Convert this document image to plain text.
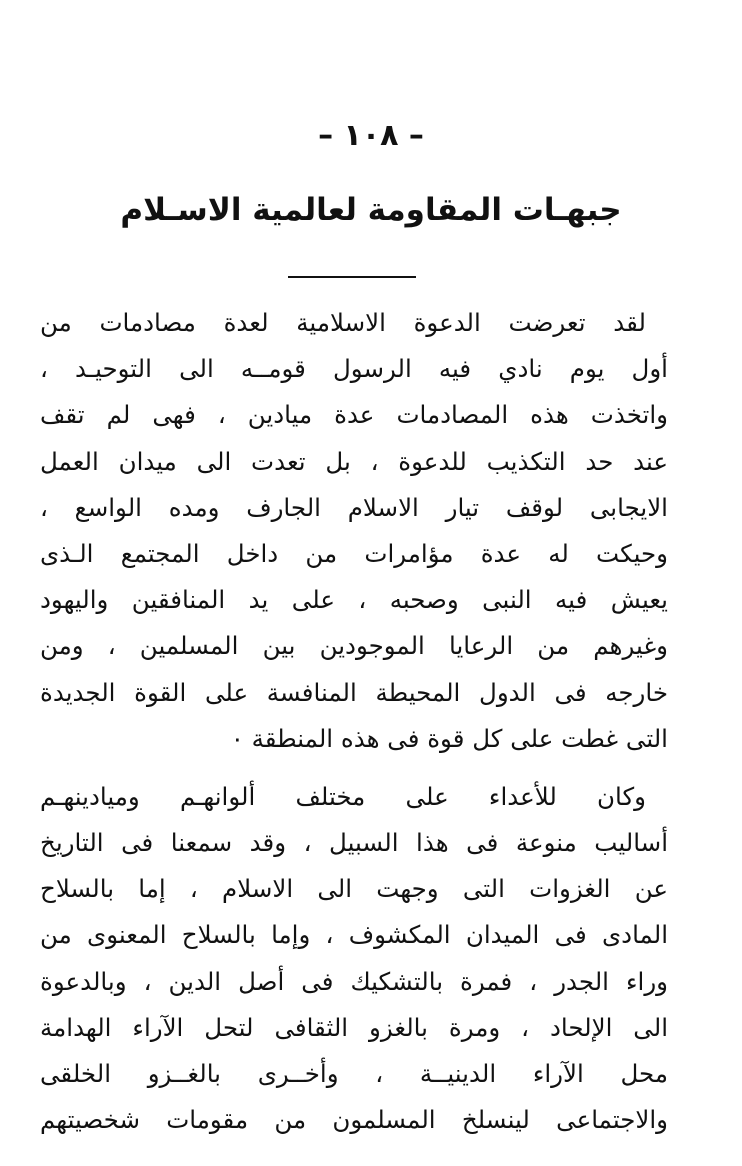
– ١٠٨ –
جبهـات المقاومة لعالمية الاسـلام
لقد تعرضت الدعوة الاسلامية لعدة مصادمات من
أول يوم نادي فيه الرسول قومــه الى التوحيـد ،
واتخذت هذه المصادمات عدة ميادين ، فهى لم تقف
عند حد التكذيب للدعوة ، بل تعدت الى ميدان العمل
الايجابى لوقف تيار الاسلام الجارف ومده الواسع ،
وحيكت له عدة مؤامرات من داخل المجتمع الـذى
يعيش فيه النبى وصحبه ، على يد المنافقين واليهود
وغيرهم من الرعايا الموجودين بين المسلمين ، ومن
خارجه فى الدول المحيطة المنافسة على القوة الجديدة
التى غطت على كل قوة فى هذه المنطقة ٠
وكان للأعداء على مختلف ألوانهـم وميادينهـم
أساليب منوعة فى هذا السبيل ، وقد سمعنا فى التاريخ
عن الغزوات التى وجهت الى الاسلام ، إما بالسلاح
المادى فى الميدان المكشوف ، وإما بالسلاح المعنوى من
وراء الجدر ، فمرة بالتشكيك فى أصل الدين ، وبالدعوة
الى الإلحاد ، ومرة بالغزو الثقافى لتحل الآراء الهدامة
محل الآراء الدينيــة ، وأخــرى بالغــزو الخلقى
والاجتماعى لينسلخ المسلمون من مقومات شخصيتهم
